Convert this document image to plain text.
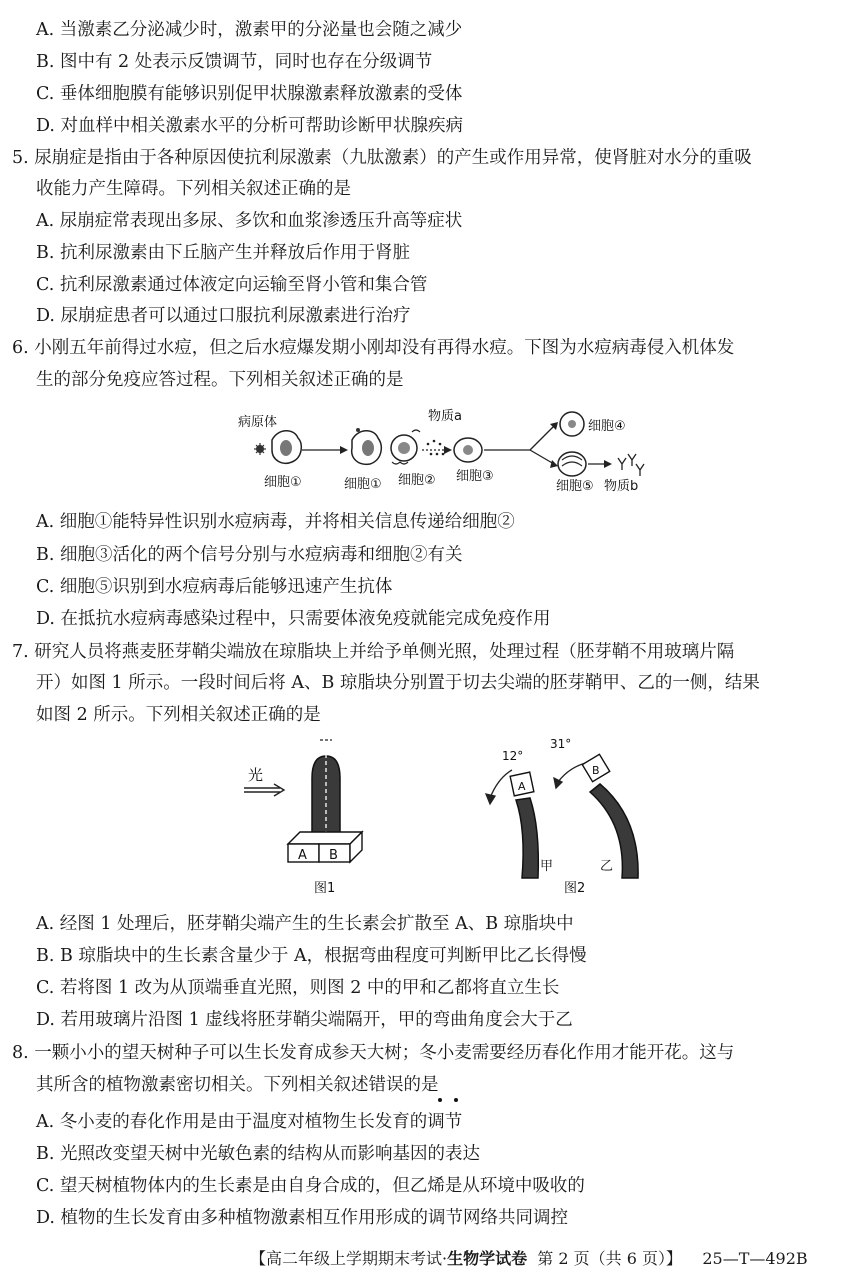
A. 当激素乙分泌减少时，激素甲的分泌量也会随之减少
B. 图中有 2 处表示反馈调节，同时也存在分级调节
C. 垂体细胞膜有能够识别促甲状腺激素释放激素的受体
D. 对血样中相关激素水平的分析可帮助诊断甲状腺疾病
5. 尿崩症是指由于各种原因使抗利尿激素（九肽激素）的产生或作用异常，使肾脏对水分的重吸
收能力产生障碍。下列相关叙述正确的是
A. 尿崩症常表现出多尿、多饮和血浆渗透压升高等症状
B. 抗利尿激素由下丘脑产生并释放后作用于肾脏
C. 抗利尿激素通过体液定向运输至肾小管和集合管
D. 尿崩症患者可以通过口服抗利尿激素进行治疗
6. 小刚五年前得过水痘，但之后水痘爆发期小刚却没有再得水痘。下图为水痘病毒侵入机体发
生的部分免疫应答过程。下列相关叙述正确的是
病原体
细胞①	细胞① 细胞②
物质a
细胞③
细胞④
细胞⑤ 物质b
A. 细胞①能特异性识别水痘病毒，并将相关信息传递给细胞②
B. 细胞③活化的两个信号分别与水痘病毒和细胞②有关
C. 细胞⑤识别到水痘病毒后能够迅速产生抗体
D. 在抵抗水痘病毒感染过程中，只需要体液免疫就能完成免疫作用
7. 研究人员将燕麦胚芽鞘尖端放在琼脂块上并给予单侧光照，处理过程（胚芽鞘不用玻璃片隔
开）如图 1 所示。一段时间后将 A、B 琼脂块分别置于切去尖端的胚芽鞘甲、乙的一侧，结果
如图 2 所示。下列相关叙述正确的是
光
A B
图1
12°
31°
A
B
甲	乙
图2
A. 经图 1 处理后，胚芽鞘尖端产生的生长素会扩散至 A、B 琼脂块中
B. B 琼脂块中的生长素含量少于 A，根据弯曲程度可判断甲比乙长得慢
C. 若将图 1 改为从顶端垂直光照，则图 2 中的甲和乙都将直立生长
D. 若用玻璃片沿图 1 虚线将胚芽鞘尖端隔开，甲的弯曲角度会大于乙
8. 一颗小小的望天树种子可以生长发育成参天大树；冬小麦需要经历春化作用才能开花。这与
其所含的植物激素密切相关。下列相关叙述错误的是
A. 冬小麦的春化作用是由于温度对植物生长发育的调节
B. 光照改变望天树中光敏色素的结构从而影响基因的表达
C. 望天树植物体内的生长素是由自身合成的，但乙烯是从环境中吸收的
D. 植物的生长发育由多种植物激素相互作用形成的调节网络共同调控
【高二年级上学期期末考试·生物学试卷 第 2 页（共 6 页）】 25—T—492B
